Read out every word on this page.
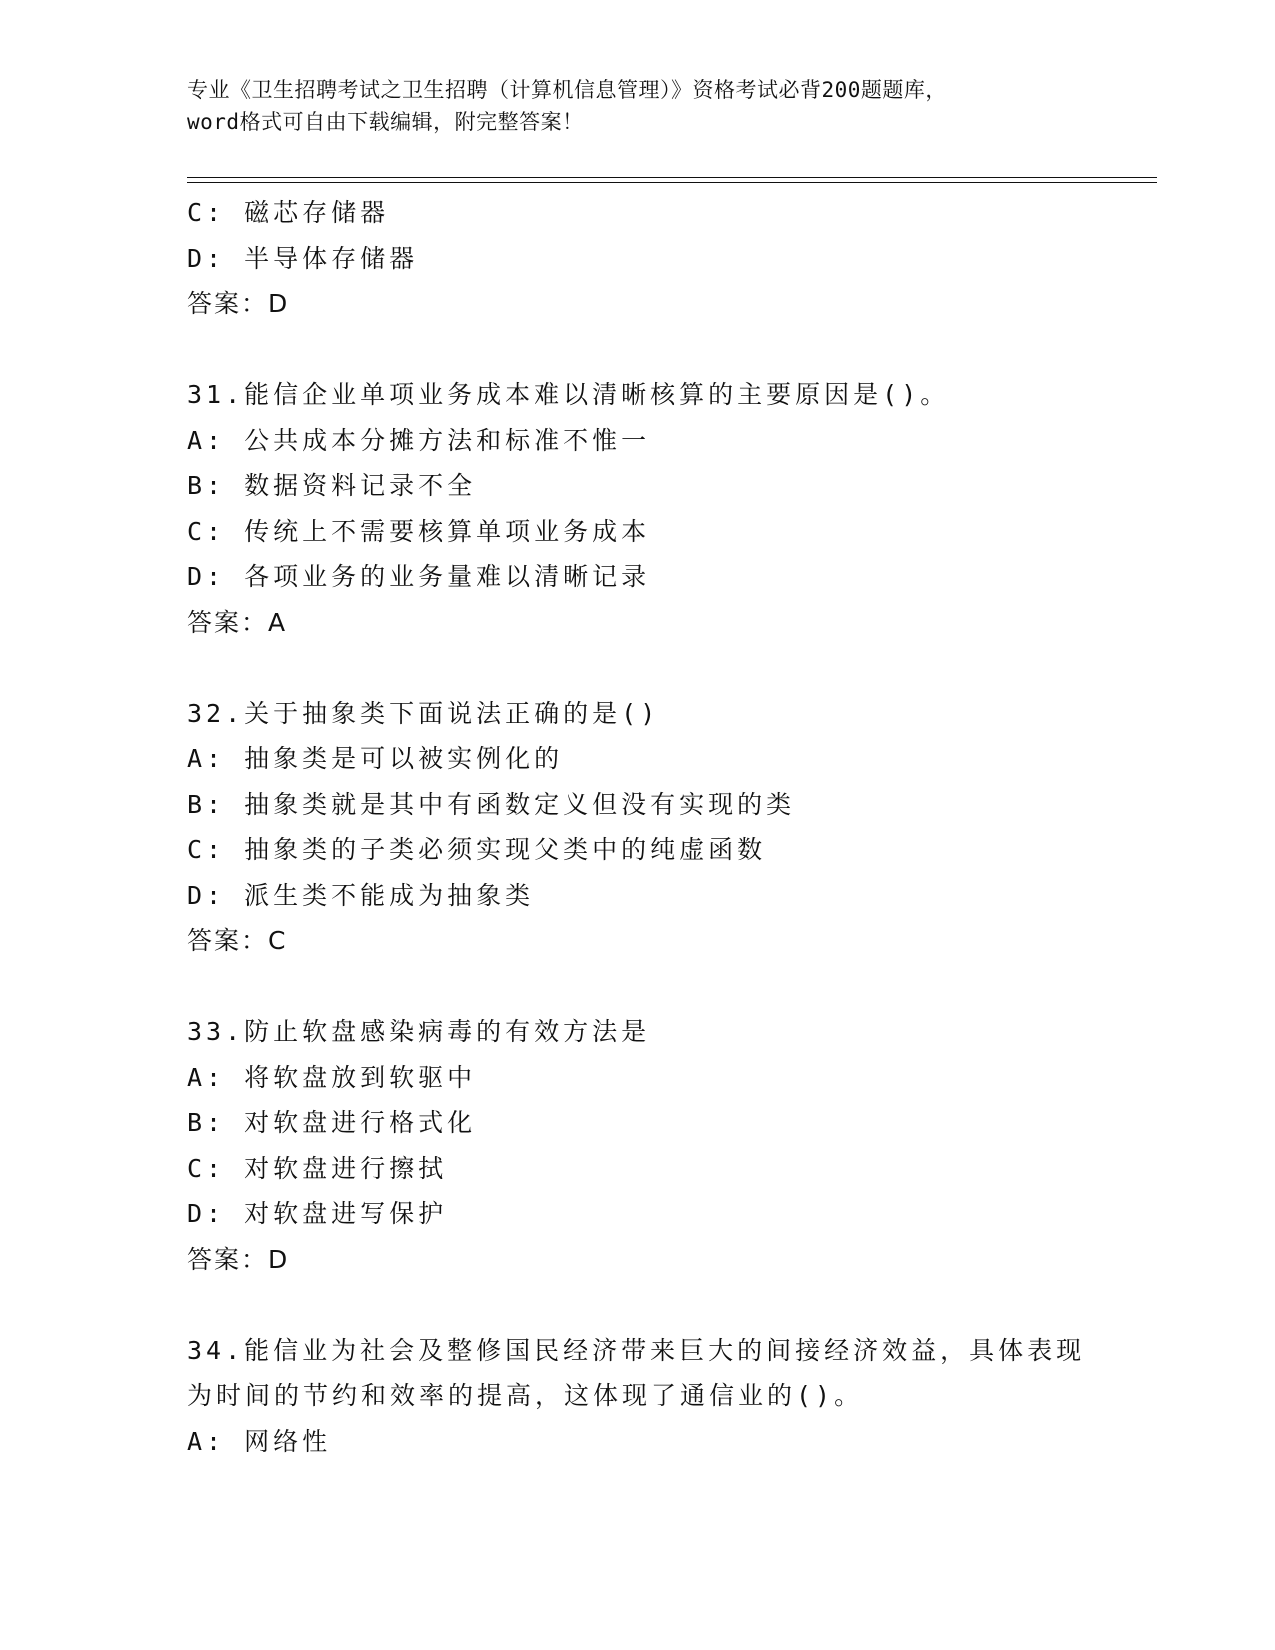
专业《卫生招聘考试之卫生招聘（计算机信息管理）》资格考试必背200题题库，
word格式可自由下载编辑，附完整答案！
C: 磁芯存储器
D: 半导体存储器
答案：D
31.能信企业单项业务成本难以清晰核算的主要原因是()。
A: 公共成本分摊方法和标准不惟一
B: 数据资料记录不全
C: 传统上不需要核算单项业务成本
D: 各项业务的业务量难以清晰记录
答案：A
32.关于抽象类下面说法正确的是()
A: 抽象类是可以被实例化的
B: 抽象类就是其中有函数定义但没有实现的类
C: 抽象类的子类必须实现父类中的纯虚函数
D: 派生类不能成为抽象类
答案：C
33.防止软盘感染病毒的有效方法是
A: 将软盘放到软驱中
B: 对软盘进行格式化
C: 对软盘进行擦拭
D: 对软盘进写保护
答案：D
34.能信业为社会及整修国民经济带来巨大的间接经济效益，具体表现
为时间的节约和效率的提高，这体现了通信业的()。
A: 网络性
